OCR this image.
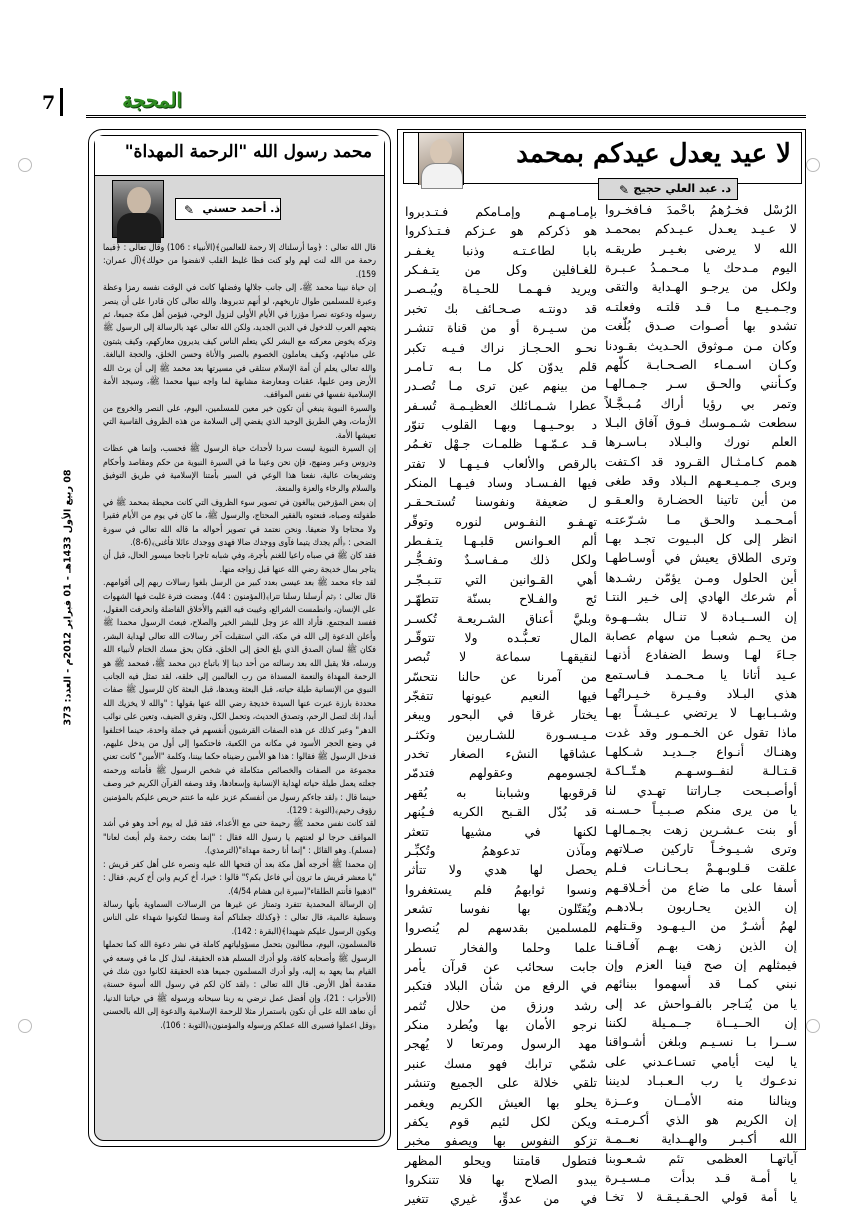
7	المحجة
08 ربيع الأول 1433هـ - 01 فبراير 2012م - العدد: 373
محمد رسول الله "الرحمة المهداة"
✎ ذ. أحمد حسني

قال الله تعالى : ﴿وما أرسلناك إلا رحمة للعالمين﴾(الأنبياء : 106) وقال تعالى : ﴿فبما رحمة من الله لنت لهم ولو كنت فظا غليظ القلب لانفضوا من حولك﴾(آل عمران: 159).

إن حياة نبينا محمد ﷺ، إلى جانب جلالها وفضلها كانت في الوقت نفسه رمزا وعظة وعبرة للمسلمين طوال تاريخهم، لو أنهم تدبروها. والله تعالى كان قادرا على أن ينصر رسوله ودعوته نصرا مؤزرا في الأيام الأولى لنزول الوحي، فيؤمن أهل مكة جميعا، ثم يتجهم العرب للدخول في الدين الجديد، ولكن الله تعالى عهد بالرسالة إلى الرسول ﷺ وتركه يخوض معركته مع البشر لكي يتعلم الناس كيف يديرون معاركهم، وكيف يثبتون على مبادئهم، وكيف يعاملون الخصوم بالصبر والأناة وحسن الخلق، والحجة البالغة. والله تعالى يعلم أن أمة الإسلام ستلقى في مسيرتها بعد محمد ﷺ إلى أن يرث الله الأرض ومن عليها، عقبات ومعارضة مشابهة لما واجه نبيها محمدا ﷺ، وسيجد الأمة الإسلامية نفسها في نفس المواقف.

والسيرة النبوية ينبغي أن تكون خير معين للمسلمين، اليوم، على النصر والخروج من الأزمات، وهي الطريق الوحيد الذي يفضي إلى السلامة من هذه الظروف القاسية التي تعيشها الأمة.

إن السيرة النبوية ليست سردا لأحداث حياة الرسول ﷺ فحسب، وإنما هي عظات ودروس وعبر ومنهج، فإن نحن وعينا ما في السيرة النبوية من حكم ومقاصد وأحكام وتشريعات عالية، نفعنا هذا الوعي في السير بأمتنا الإسلامية في طريق التوفيق والسلام والرخاء والعزة والمنعة.

إن بعض المؤرخين يبالغون في تصوير سوء الظروف التي كانت محيطة بمحمد ﷺ في طفولته وصباه، فنعتوه بالفقير المحتاج، والرسول ﷺ، ما كان في يوم من الأيام فقيرا ولا محتاجا ولا ضعيفا. ونحن نعتمد في تصوير أحواله ما قاله الله تعالى في سورة الضحى : ﴿ألم يجدك يتيما فآوى ووجدك ضالا فهدى ووجدك عائلا فأغنى﴾(6-8).

فقد كان ﷺ في صباه راعيا للغنم بأجرة، وفي شبابه تاجرا ناجحا ميسور الحال، قبل أن يتاجر بمال خديجة رضي الله عنها قبل زواجه منها.

لقد جاء محمد ﷺ بعد عيسى بعدد كبير من الرسل بلغوا رسالات ربهم إلى أقوامهم. قال تعالى : ﴿ثم أرسلنا رسلنا تترا﴾(المؤمنون : 44). ومضت فترة غلبت فيها الشهوات على الإنسان، وانطمست الشرائع، وغيبت فيه القيم والأخلاق الفاضلة وانحرفت العقول، ففسد المجتمع. فأراد الله عز وجل للبشر الخير والصلاح، فبعث الرسول محمدا ﷺ وأعلن الدعوة إلى الله في مكة، التي استقبلت آخر رسالات الله تعالى لهداية البشر، فكان ﷺ لسان الصدق الذي بلغ الحق إلى الخلق، فكان بحق مسك الختام لأنبياء الله ورسله، فلا يقبل الله بعد رسالته من أحد دينا إلا باتباع دين محمد ﷺ، فمحمد ﷺ هو الرحمة المهداة والنعمة المسداة من رب العالمين إلى خلقه، لقد تمثل فيه الجانب النبوي من الإنسانية طيلة حياته، قبل البعثة وبعدها، قبل البعثة كان للرسول ﷺ صفات محددة بارزة عبرت عنها السيدة خديجة رضي الله عنها بقولها : "والله لا يخزيك الله أبدا، إنك لتصل الرحم، وتصدق الحديث، وتحمل الكل، وتقري الضيف، وتعين على نوائب الدهر" وعبر كذلك عن هذه الصفات القرشيون أنفسهم في جملة واحدة، حينما اختلفوا في وضع الحجر الأسود في مكانه من الكعبة، فاحتكموا إلى أول من يدخل عليهم، فدخل الرسول ﷺ فقالوا : هذا هو الأمين رضيناه حكما بيننا، وكلمة "الأمين" كانت تعني مجموعة من الصفات والخصائص متكاملة في شخص الرسول ﷺ فأمانته ورحمته جعلته يعمل طيلة حياته لهداية الإنسانية وإسعادها، وقد وصفه القرآن الكريم خير وصف حينما قال : ﴿لقد جاءكم رسول من أنفسكم عزيز عليه ما عنتم حريص عليكم بالمؤمنين رؤوف رحيم﴾(التوبة : 129).

لقد كانت نفس محمد ﷺ رحيمة حتى مع الأعداء، فقد قيل له يوم أحد وهو في أشد المواقف حرجا لو لعنتهم يا رسول الله فقال : "إنما بعثت رحمة ولم أبعث لعانا"(مسلم). وهو القائل : "إنما أنا رحمة مهداة"(الترمذي).

إن محمدا ﷺ أخرجه أهل مكة بعد أن فتحها الله عليه ونصره على أهل كفر قريش : "يا معشر قريش ما ترون أني فاعل بكم؟" قالوا : خيرا، أخ كريم وابن أخ كريم. فقال : "اذهبوا فأنتم الطلقاء"(سيرة ابن هشام 4/54).

إن الرسالة المحمدية تتفرد وتمتاز عن غيرها من الرسالات السماوية بأنها رسالة وسطية عالمية، قال تعالى : ﴿وكذلك جعلناكم أمة وسطا لتكونوا شهداء على الناس ويكون الرسول عليكم شهيدا﴾(البقرة : 142).

فالمسلمون، اليوم، مطالبون بتحمل مسؤولياتهم كاملة في نشر دعوة الله كما تحملها الرسول ﷺ وأصحابه كافة، ولو أدرك المسلم هذه الحقيقة، لبذل كل ما في وسعه في القيام بما يعهد به إليه، ولو أدرك المسلمون جميعا هذه الحقيقة لكانوا دون شك في مقدمة أهل الأرض. قال الله تعالى : ﴿لقد كان لكم في رسول الله أسوة حسنة﴾(الأحزاب : 21)، وإن أفضل عمل نرضي به ربنا سبحانه ورسوله ﷺ في حياتنا الدنيا، أن نعاهد الله على أن نكون باستمرار مثلا للرحمة الإسلامية والدعوة إلى الله بالحسنى ﴿وقل اعملوا فسيرى الله عملكم ورسوله والمؤمنون﴾(التوبة : 106).

لا عيد يعدل عيدكم بمحمد
✎ د. عبد العلي حجيج

الرُسْل فخـرُهمُ باحْمدَ فـافخـروا

لا عـيـد يعـدل عـيـدكم بمحمـد

الله لا يرضى بغـيـر طريقـه

اليوم مـدحك يا مـحـمـدُ عـبـرة

ولكل من يرجـو الهـداية والتقى

وجـمـيـع مـا قـد قلتـه وفعلتـه

تشدو بها أصـوات صـدق بُلّغت

وكان مـن مـوثوق الحـديث بقـودنا

وكـان اسـمـاء الصـحـابـة كلّهم

وكـأنني والحـق سـر جـمـالهـا

وتمر بي رؤيا أراك مُـبـجَّـلاً

سطعت شـمـوسك فـوق آفاق البـلا

العلم نورك والبـلاد بـاسـرها

همم كـامـثـال القـرود قد اكـتفت

وبرى جـمـيـعـهم الـبلاد وقد طغى

من أين تاتينا الحضـارة والعـقـو

أمـحـمـد والحـق مـا شـرّعتـه

انظر إلى كل البـيوت تجـد بهـا

وترى الطلاق يعيش في أوسـاطهـا

أين الحلول ومـن يؤمّن رشـدها

أم شرعك الهادي إلى خـير النتـا

إن الســيـادة لا تنـال بشــهـوة

من يحـم شعبـا من سهام عصابة

جـاءَ لهـا وسط الضفادع أذنهـا

عـيد أتانا يا مـحـمـد فـاسـتمع

هذي البـلاد وفـيـرة خـيـراتُهـا

وشـبـابهـا لا يرتضي عـيـشـاً بهـا

ماذا تقول عن الخـمـور وقد غدت

وهنـاك أنـواع جــديـد شـكلهـا

قـتـالـة لنفــوسـهـم هـتّــاكـة

أوأصـبـحت جـاراتنا تهـدي لنا

يا من يرى منكم صـبـيـاً حـسـنه

أو بنت عـشـرين زهت بجـمـالهـا

وترى شـيـوخـاً تاركين صـلاتهم

علقت قـلوبـهـمْ بـحـانـات فـلم

أسفا على ما ضاع من أخـلاقـهم

إن الذين يحـاربون بـلادهـم

لهمُ أشـرٌ من الـيـهـود وقـتلهم

إن الذين زهت بهـم آفـاقـنا

فيمثلهم إن صح فينا العزم وإن

نبني كمـا قد أسهموا ببنائهم

يا من يُتـاجر بالفـواحش عد إلى

إن الحــيــاة جــمـيلة لكننا

ســرا بـا نسـيـم وبلغن أشـواقنا

يا ليت أيامي تسـاعـدني على

ندعـوك يا رب الـعـبـاد لديننا

وينالنا منه الأمــان وعــزة

إن الكريم هو الذي أكـرمـتـه

الله أكـبـر والهــداية نعــمـة

آياتهـا العظمى تئم شـعـوبنا

يا أمـة قـد بدأت مـسـيـرة

يا أمة قولي الحـقـيـقـة لا تخـا

بإمـامـهـم وإمـامكم فـتـدبروا

هو ذكركم هو عـزكم فـتـذكروا

بابا لطاعـتـه وذنبا يغـفـر

للغـافلين وكل من يتـفـكر

ويريد فـهـمـا للحـيـاة ويُبـصـر

قد دونتـه صـحـائف بك تخبر

من سـيـرة أو من قناة تنشـر

نحـو الحـجـاز نراك فـيـه تكبر

قلم يدوّن كل مـا بـه تـامـر

من بينهم عين ترى مـا تُصـدر

عطرا شـمـائلك العظيـمـة تُسـفر

د بوحـيـهـا وبهـا القلوب تنوّر

قـد عـمّـهـا ظلمـات جـهْل تغـمُر

بالرقص والألعاب فـيـهـا لا تفتر

فيها الفـسـاد وساد فيـهـا المنكر

ل ضعيفة ونفوسنا تُستـحـقـر

تهـفـو النفـوس لنوره وتوقّر

ألم العـوانس قلبـهـا يتـفـطر

ولكل ذلك مـفـاسـدٌ وتفـجُّـر

أهي القـوانين التي تتـبـجّـر

ئج والفـلاح بسنّة تتطهّـر

وبليَّ أعناق الشـريعـة تُكسـر

المال تعـبُّـده ولا تتوقّـر

لنقيقهـا سماعة لا تُبصر

من آمرنا عن حالنا نتحسّر

فيها النعيم عيونها تتفجّر

يختار غرقا في البحور ويبغر

مـيـسـورة للشـاربين وتكثـر

عشاقها النشء الصغار تخدر

لجسومهم وعقولهم فتدمّر

قرقوبها وشبابنا به يُقهر

قد بُدّل القـبح الكريه فـيُنهر

لكنها في مشيها تتعثر

ومآذن تدعوهمُ وتُكبِّـر

يحصل لها هدي ولا تتأثر

ونسوا ثوابهمُ فلم يستغفروا

ويُقتّلون بها نفوسا تشعر

للمسلمين بقدسهم لم يُنصروا

علما وحلما والفخار تسطر

جابت سحائب عن قرآن يأمر

في الرفع من شأن البلاد فتكبر

رشد ورزق من حلال تُثمر

نرجو الأمان بها ويُطرد منكر

مهد الرسول ومرتعا لا يُهجر

شمّي ترابك فهو مسك عنبر

تلقي خلالة على الجميع وتنشر

يحلو بها العيش الكريم ويغمر

ويكن لكل لئيم قوم يكفر

تزكو النفوس بها ويصفو مخبر

فتطول قامتنا ويحلو المظهر

يبدو الصلاح بها فلا تتنكروا

في من عدوٍّ، غيري تتغير
